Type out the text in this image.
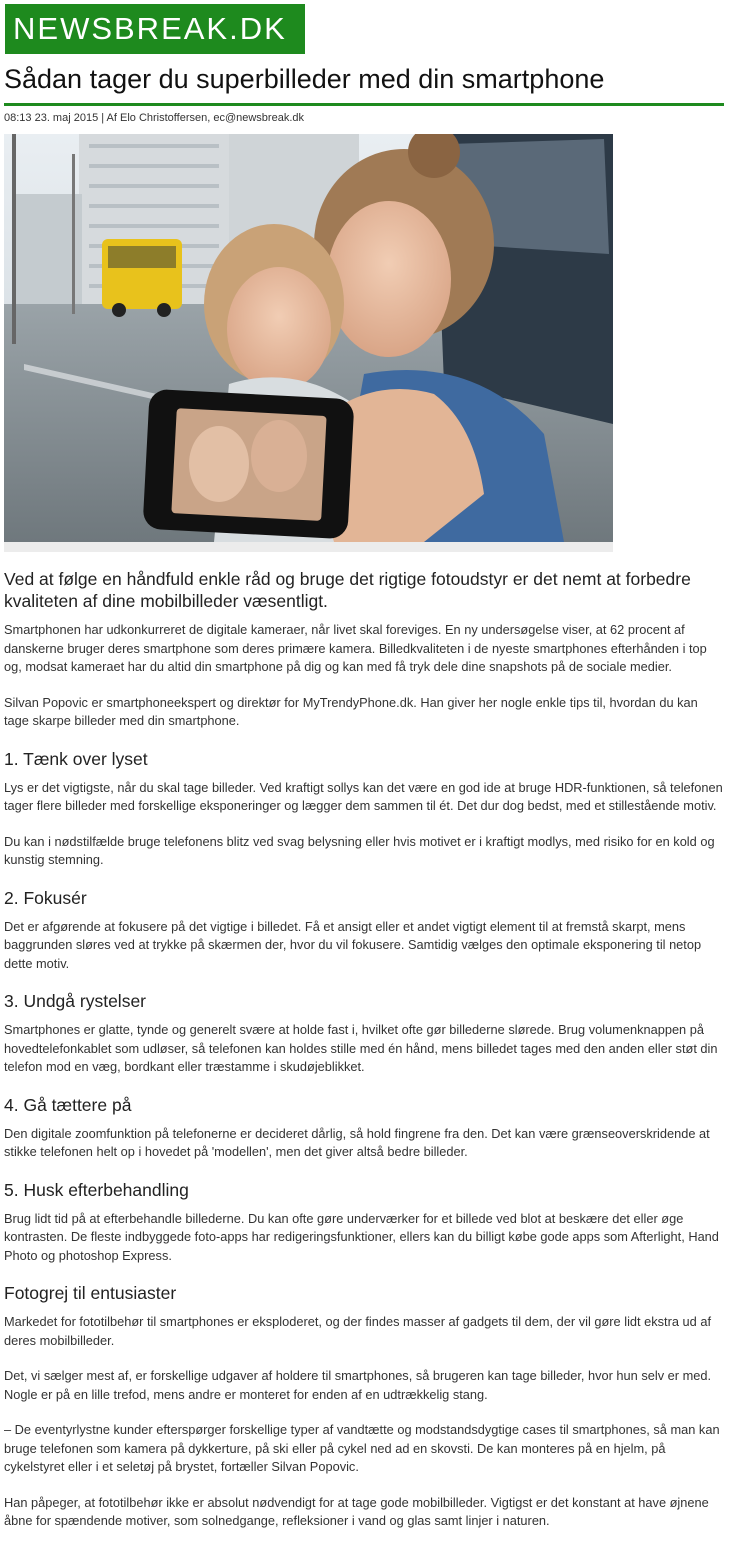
NEWSBREAK.DK
Sådan tager du superbilleder med din smartphone
08:13 23. maj 2015 | Af Elo Christoffersen, ec@newsbreak.dk
Ved at følge en håndfuld enkle råd og bruge det rigtige fotoudstyr er det nemt at forbedre kvaliteten af dine mobilbilleder væsentligt.

Smartphonen har udkonkurreret de digitale kameraer, når livet skal foreviges. En ny undersøgelse viser, at 62 procent af danskerne bruger deres smartphone som deres primære kamera. Billedkvaliteten i de nyeste smartphones efterhånden i top og, modsat kameraet har du altid din smartphone på dig og kan med få tryk dele dine snapshots på de sociale medier.

Silvan Popovic er smartphoneekspert og direktør for MyTrendyPhone.dk. Han giver her nogle enkle tips til, hvordan du kan tage skarpe billeder med din smartphone.

1. Tænk over lyset

Lys er det vigtigste, når du skal tage billeder. Ved kraftigt sollys kan det være en god ide at bruge HDR-funktionen, så telefonen tager flere billeder med forskellige eksponeringer og lægger dem sammen til ét. Det dur dog bedst, med et stillestående motiv.

Du kan i nødstilfælde bruge telefonens blitz ved svag belysning eller hvis motivet er i kraftigt modlys, med risiko for en kold og kunstig stemning.

2. Fokusér

Det er afgørende at fokusere på det vigtige i billedet. Få et ansigt eller et andet vigtigt element til at fremstå skarpt, mens baggrunden sløres ved at trykke på skærmen der, hvor du vil fokusere. Samtidig vælges den optimale eksponering til netop dette motiv.

3. Undgå rystelser

Smartphones er glatte, tynde og generelt svære at holde fast i, hvilket ofte gør billederne slørede. Brug volumenknappen på hovedtelefonkablet som udløser, så telefonen kan holdes stille med én hånd, mens billedet tages med den anden eller støt din telefon mod en væg, bordkant eller træstamme i skudøjeblikket.

4. Gå tættere på

Den digitale zoomfunktion på telefonerne er decideret dårlig, så hold fingrene fra den. Det kan være grænseoverskridende at stikke telefonen helt op i hovedet på 'modellen', men det giver altså bedre billeder.

5. Husk efterbehandling

Brug lidt tid på at efterbehandle billederne. Du kan ofte gøre underværker for et billede ved blot at beskære det eller øge kontrasten. De fleste indbyggede foto-apps har redigeringsfunktioner, ellers kan du billigt købe gode apps som Afterlight, Hand Photo og photoshop Express.

Fotogrej til entusiaster

Markedet for fototilbehør til smartphones er eksploderet, og der findes masser af gadgets til dem, der vil gøre lidt ekstra ud af deres mobilbilleder.

Det, vi sælger mest af, er forskellige udgaver af holdere til smartphones, så brugeren kan tage billeder, hvor hun selv er med. Nogle er på en lille trefod, mens andre er monteret for enden af en udtrækkelig stang.

– De eventyrlystne kunder efterspørger forskellige typer af vandtætte og modstandsdygtige cases til smartphones, så man kan bruge telefonen som kamera på dykkerture, på ski eller på cykel ned ad en skovsti. De kan monteres på en hjelm, på cykelstyret eller i et seletøj på brystet, fortæller Silvan Popovic.

Han påpeger, at fototilbehør ikke er absolut nødvendigt for at tage gode mobilbilleder. Vigtigst er det konstant at have øjnene åbne for spændende motiver, som solnedgange, refleksioner i vand og glas samt linjer i naturen.
